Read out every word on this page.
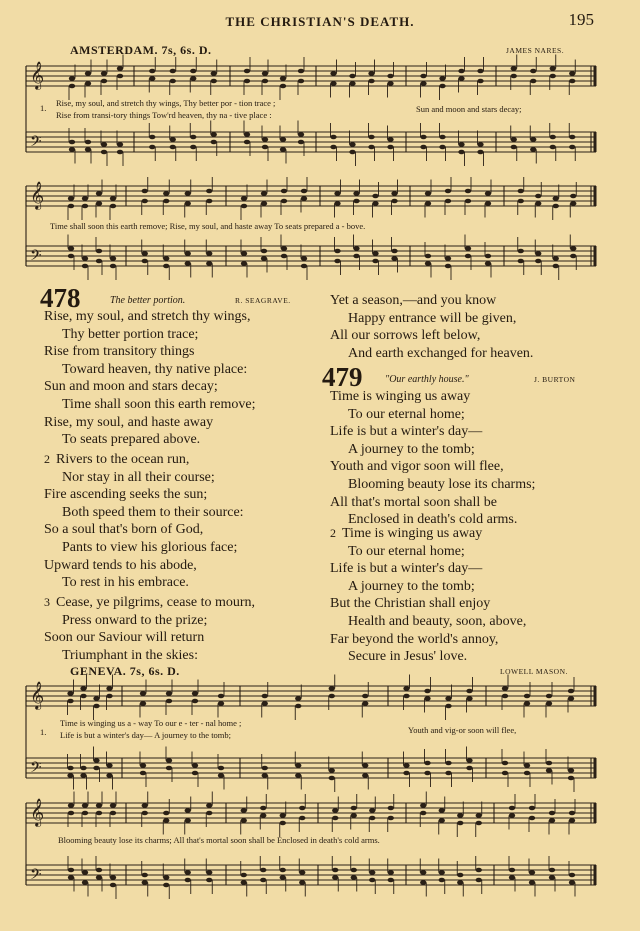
THE CHRISTIAN'S DEATH.	195
AMSTERDAM. 7s, 6s. D.	JAMES NARES.
𝄞
𝄢
1. Rise, my soul, and stretch thy wings, Thy better por - tion trace ;
Rise from transi-tory things Tow'rd heaven, thy na - tive place :
Sun and moon and stars decay;
𝄞
𝄢
Time shall soon this earth remove; Rise, my soul, and haste away To seats prepared a - bove.
478	The better portion.	R. SEAGRAVE.
Rise, my soul, and stretch thy wings,
Thy better portion trace;
Rise from transitory things
Toward heaven, thy native place:
Sun and moon and stars decay;
Time shall soon this earth remove;
Rise, my soul, and haste away
To seats prepared above.
2 Rivers to the ocean run,
Nor stay in all their course;
Fire ascending seeks the sun;
Both speed them to their source:
So a soul that's born of God,
Pants to view his glorious face;
Upward tends to his abode,
To rest in his embrace.
3 Cease, ye pilgrims, cease to mourn,
Press onward to the prize;
Soon our Saviour will return
Triumphant in the skies:
Yet a season,—and you know
Happy entrance will be given,
All our sorrows left below,
And earth exchanged for heaven.
479 "Our earthly house."	J. BURTON
Time is winging us away
To our eternal home;
Life is but a winter's day—
A journey to the tomb;
Youth and vigor soon will flee,
Blooming beauty lose its charms;
All that's mortal soon shall be
Enclosed in death's cold arms.
2 Time is winging us away
To our eternal home;
Life is but a winter's day—
A journey to the tomb;
But the Christian shall enjoy
Health and beauty, soon, above,
Far beyond the world's annoy,
Secure in Jesus' love.
GENEVA. 7s, 6s. D.	LOWELL MASON.
𝄞
𝄢
1.
Time is winging us a - way To our e - ter - nal home ;
Life is but a winter's day— A journey to the tomb;	Youth and vig-or soon will flee,
𝄞
𝄢
Blooming beauty lose its charms; All that's mortal soon shall be Enclosed in death's cold arms.
